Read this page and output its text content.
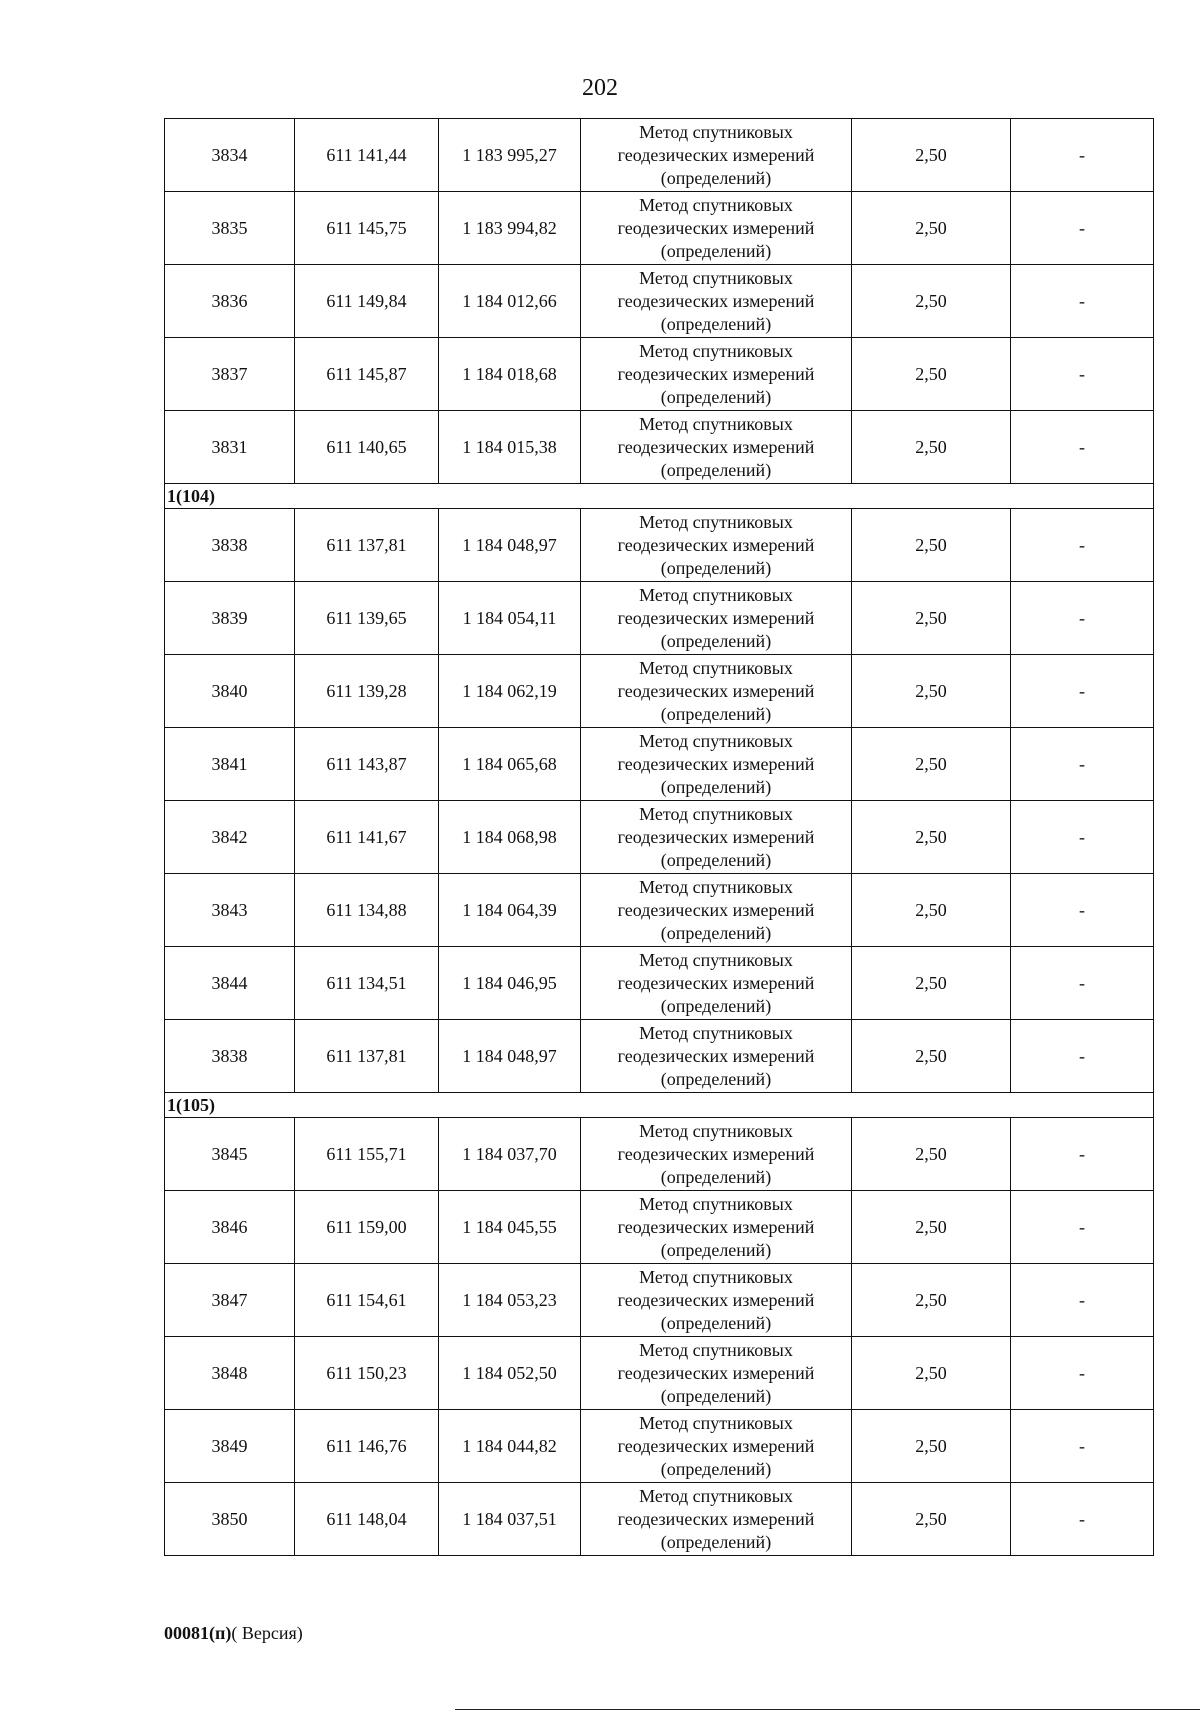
202
3834	611 141,44	1 183 995,27	Метод спутниковых
геодезических измерений
(определений)	2,50	-
3835	611 145,75	1 183 994,82	Метод спутниковых
геодезических измерений
(определений)	2,50	-
3836	611 149,84	1 184 012,66	Метод спутниковых
геодезических измерений
(определений)	2,50	-
3837	611 145,87	1 184 018,68	Метод спутниковых
геодезических измерений
(определений)	2,50	-
3831	611 140,65	1 184 015,38	Метод спутниковых
геодезических измерений
(определений)	2,50	-
1(104)					
3838	611 137,81	1 184 048,97	Метод спутниковых
геодезических измерений
(определений)	2,50	-
3839	611 139,65	1 184 054,11	Метод спутниковых
геодезических измерений
(определений)	2,50	-
3840	611 139,28	1 184 062,19	Метод спутниковых
геодезических измерений
(определений)	2,50	-
3841	611 143,87	1 184 065,68	Метод спутниковых
геодезических измерений
(определений)	2,50	-
3842	611 141,67	1 184 068,98	Метод спутниковых
геодезических измерений
(определений)	2,50	-
3843	611 134,88	1 184 064,39	Метод спутниковых
геодезических измерений
(определений)	2,50	-
3844	611 134,51	1 184 046,95	Метод спутниковых
геодезических измерений
(определений)	2,50	-
3838	611 137,81	1 184 048,97	Метод спутниковых
геодезических измерений
(определений)	2,50	-
1(105)					
3845	611 155,71	1 184 037,70	Метод спутниковых
геодезических измерений
(определений)	2,50	-
3846	611 159,00	1 184 045,55	Метод спутниковых
геодезических измерений
(определений)	2,50	-
3847	611 154,61	1 184 053,23	Метод спутниковых
геодезических измерений
(определений)	2,50	-
3848	611 150,23	1 184 052,50	Метод спутниковых
геодезических измерений
(определений)	2,50	-
3849	611 146,76	1 184 044,82	Метод спутниковых
геодезических измерений
(определений)	2,50	-
3850	611 148,04	1 184 037,51	Метод спутниковых
геодезических измерений
(определений)	2,50	-
00081(п)( Версия)
